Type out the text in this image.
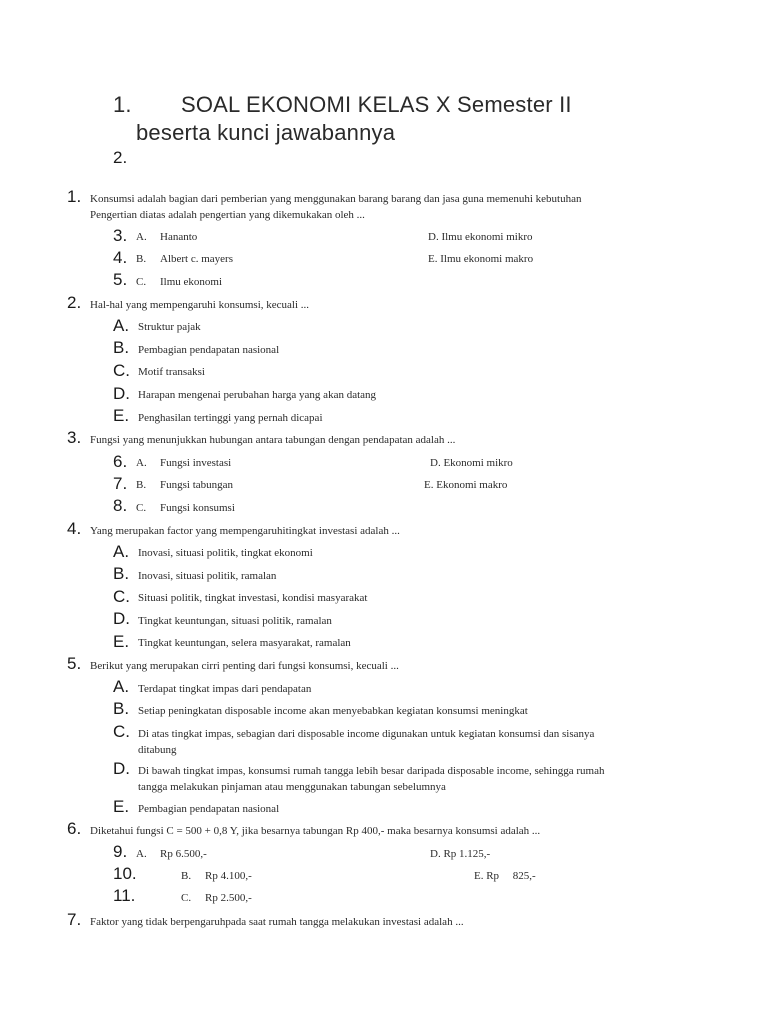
1. SOAL EKONOMI KELAS X Semester II
beserta kunci jawabannya
2.
1. Konsumsi adalah bagian dari pemberian yang menggunakan barang barang dan jasa guna memenuhi kebutuhan
Pengertian diatas adalah pengertian yang dikemukakan oleh ...
3. A. Hananto	D. Ilmu ekonomi mikro
4. B. Albert c. mayers	E. Ilmu ekonomi makro
5. C. Ilmu ekonomi
2. Hal-hal yang mempengaruhi konsumsi, kecuali ...
A. Struktur pajak
B. Pembagian pendapatan nasional
C. Motif transaksi
D. Harapan mengenai perubahan harga yang akan datang
E. Penghasilan tertinggi yang pernah dicapai
3. Fungsi yang menunjukkan hubungan antara tabungan dengan pendapatan adalah ...
6. A. Fungsi investasi	D. Ekonomi mikro
7. B. Fungsi tabungan	E. Ekonomi makro
8. C. Fungsi konsumsi
4. Yang merupakan factor yang mempengaruhitingkat investasi adalah ...
A. Inovasi, situasi politik, tingkat ekonomi
B. Inovasi, situasi politik, ramalan
C. Situasi politik, tingkat investasi, kondisi masyarakat
D. Tingkat keuntungan, situasi politik, ramalan
E. Tingkat keuntungan, selera masyarakat, ramalan
5. Berikut yang merupakan cirri penting dari fungsi konsumsi, kecuali ...
A. Terdapat tingkat impas dari pendapatan
B. Setiap peningkatan disposable income akan menyebabkan kegiatan konsumsi meningkat
C. Di atas tingkat impas, sebagian dari disposable income digunakan untuk kegiatan konsumsi dan sisanya
ditabung
D. Di bawah tingkat impas, konsumsi rumah tangga lebih besar daripada disposable income, sehingga rumah
tangga melakukan pinjaman atau menggunakan tabungan sebelumnya
E. Pembagian pendapatan nasional
6. Diketahui fungsi C = 500 + 0,8 Y, jika besarnya tabungan Rp 400,- maka besarnya konsumsi adalah ...
9. A. Rp 6.500,-	D. Rp 1.125,-
10.	B. Rp 4.100,-	E. Rp     825,-
11.	C. Rp 2.500,-
7. Faktor yang tidak berpengaruhpada saat rumah tangga melakukan investasi adalah ...
